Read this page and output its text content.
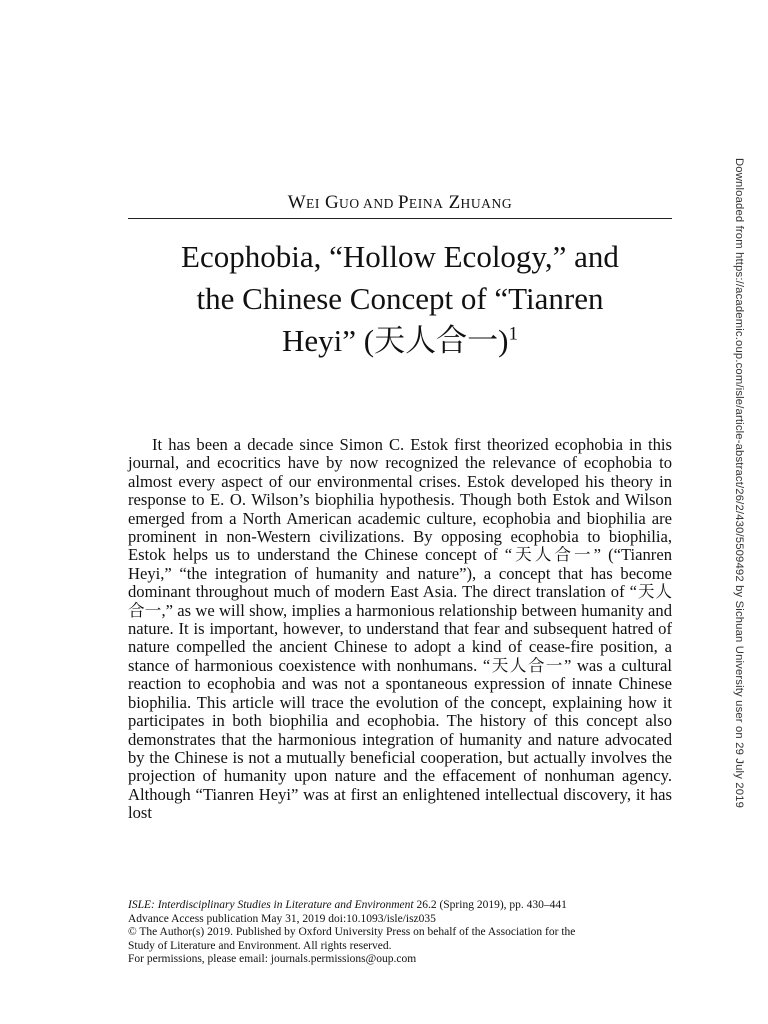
WEI GUO AND PEINA ZHUANG
Ecophobia, “Hollow Ecology,” and
the Chinese Concept of “Tianren
Heyi” (天人合一)$^1$

It has been a decade since Simon C. Estok first theorized ecophobia in this journal, and ecocritics have by now recognized the relevance of ecophobia to almost every aspect of our environmental crises. Estok developed his theory in response to E. O. Wilson’s biophilia hypothesis. Though both Estok and Wilson emerged from a North American academic culture, ecophobia and biophilia are prominent in non-Western civilizations. By opposing ecophobia to biophilia, Estok helps us to understand the Chinese concept of “天人合一” (“Tianren Heyi,” “the integration of humanity and nature”), a concept that has become dominant throughout much of modern East Asia. The direct translation of “天人合一,” as we will show, implies a harmonious relationship between humanity and nature. It is important, however, to understand that fear and subsequent hatred of nature compelled the ancient Chinese to adopt a kind of cease-fire position, a stance of harmonious coexistence with nonhumans. “天人合一” was a cultural reaction to ecophobia and was not a spontaneous expression of innate Chinese biophilia. This article will trace the evolution of the concept, explaining how it participates in both biophilia and ecophobia. The history of this concept also demonstrates that the harmonious integration of humanity and nature advocated by the Chinese is not a mutually beneficial cooperation, but actually involves the projection of humanity upon nature and the effacement of nonhuman agency. Although “Tianren Heyi” was at first an enlightened intellectual discovery, it has lost

ISLE: Interdisciplinary Studies in Literature and Environment 26.2 (Spring 2019), pp. 430–441
Advance Access publication May 31, 2019 doi:10.1093/isle/isz035
© The Author(s) 2019. Published by Oxford University Press on behalf of the Association for the
Study of Literature and Environment. All rights reserved.
For permissions, please email: journals.permissions@oup.com
Downloaded from https://academic.oup.com/isle/article-abstract/26/2/430/5509492 by Sichuan University user on 29 July 2019
